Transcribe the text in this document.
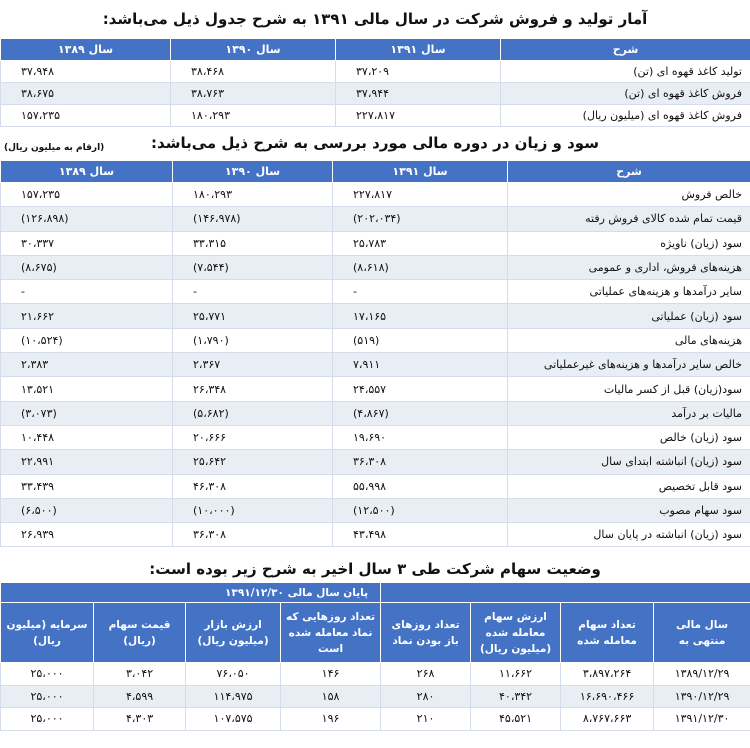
آمار تولید و فروش شرکت در سال مالی ۱۳۹۱ به شرح جدول ذیل می‌باشد:
شرح	سال ۱۳۹۱	سال ۱۳۹۰	سال ۱۳۸۹
تولید کاغذ قهوه ای (تن)	۳۷،۲۰۹	۳۸،۴۶۸	۳۷،۹۴۸
فروش کاغذ قهوه ای (تن)	۳۷،۹۴۴	۳۸،۷۶۳	۳۸،۶۷۵
فروش کاغذ قهوه ای (میلیون ریال)	۲۲۷،۸۱۷	۱۸۰،۲۹۳	۱۵۷،۲۳۵
سود و زیان در دوره مالی مورد بررسی به شرح ذیل می‌باشد:
(ارقام به میلیون ریال)
شرح	سال ۱۳۹۱	سال ۱۳۹۰	سال ۱۳۸۹
خالص فروش	۲۲۷،۸۱۷	۱۸۰،۲۹۳	۱۵۷،۲۳۵
قیمت تمام شده کالای فروش رفته	(۲۰۲،۰۳۴)	(۱۴۶،۹۷۸)	(۱۲۶،۸۹۸)
سود (زیان) ناویژه	۲۵،۷۸۳	۳۳،۳۱۵	۳۰،۳۳۷
هزینه‌های فروش، اداری و عمومی	(۸،۶۱۸)	(۷،۵۴۴)	(۸،۶۷۵)
سایر درآمدها و هزینه‌های عملیاتی	-	-	-
سود (زیان) عملیاتی	۱۷،۱۶۵	۲۵،۷۷۱	۲۱،۶۶۲
هزینه‌های مالی	(۵۱۹)	(۱،۷۹۰)	(۱۰،۵۲۴)
خالص سایر درآمدها و هزینه‌های غیرعملیاتی	۷،۹۱۱	۲،۳۶۷	۲،۳۸۳
سود(زیان) قبل از کسر مالیات	۲۴،۵۵۷	۲۶،۳۴۸	۱۳،۵۲۱
مالیات بر درآمد	(۴،۸۶۷)	(۵،۶۸۲)	(۳،۰۷۳)
سود (زیان) خالص	۱۹،۶۹۰	۲۰،۶۶۶	۱۰،۴۴۸
سود (زیان) انباشته ابتدای سال	۳۶،۳۰۸	۲۵،۶۴۲	۲۲،۹۹۱
سود قابل تخصیص	۵۵،۹۹۸	۴۶،۳۰۸	۳۳،۴۳۹
سود سهام مصوب	(۱۲،۵۰۰)	(۱۰،۰۰۰)	(۶،۵۰۰)
سود (زیان) انباشته در پایان سال	۴۳،۴۹۸	۳۶،۳۰۸	۲۶،۹۳۹
وضعیت سهام شرکت طی ۳ سال اخیر به شرح زیر بوده است:
				پایان سال مالی ۱۳۹۱/۱۲/۳۰			
سال مالی منتهی به	تعداد سهام معامله شده	ارزش سهام معامله شده (میلیون ریال)	تعداد روزهای باز بودن نماد	تعداد روزهایی که نماد معامله شده است	ارزش بازار (میلیون ریال)	قیمت سهام (ریال)	سرمایه (میلیون ریال)
۱۳۸۹/۱۲/۲۹	۳،۸۹۷،۲۶۴	۱۱،۶۶۲	۲۶۸	۱۴۶	۷۶،۰۵۰	۳،۰۴۲	۲۵،۰۰۰
۱۳۹۰/۱۲/۲۹	۱۶،۶۹۰،۴۶۶	۴۰،۳۴۲	۲۸۰	۱۵۸	۱۱۴،۹۷۵	۴،۵۹۹	۲۵،۰۰۰
۱۳۹۱/۱۲/۳۰	۸،۷۶۷،۶۶۳	۴۵،۵۲۱	۲۱۰	۱۹۶	۱۰۷،۵۷۵	۴،۳۰۳	۲۵،۰۰۰
